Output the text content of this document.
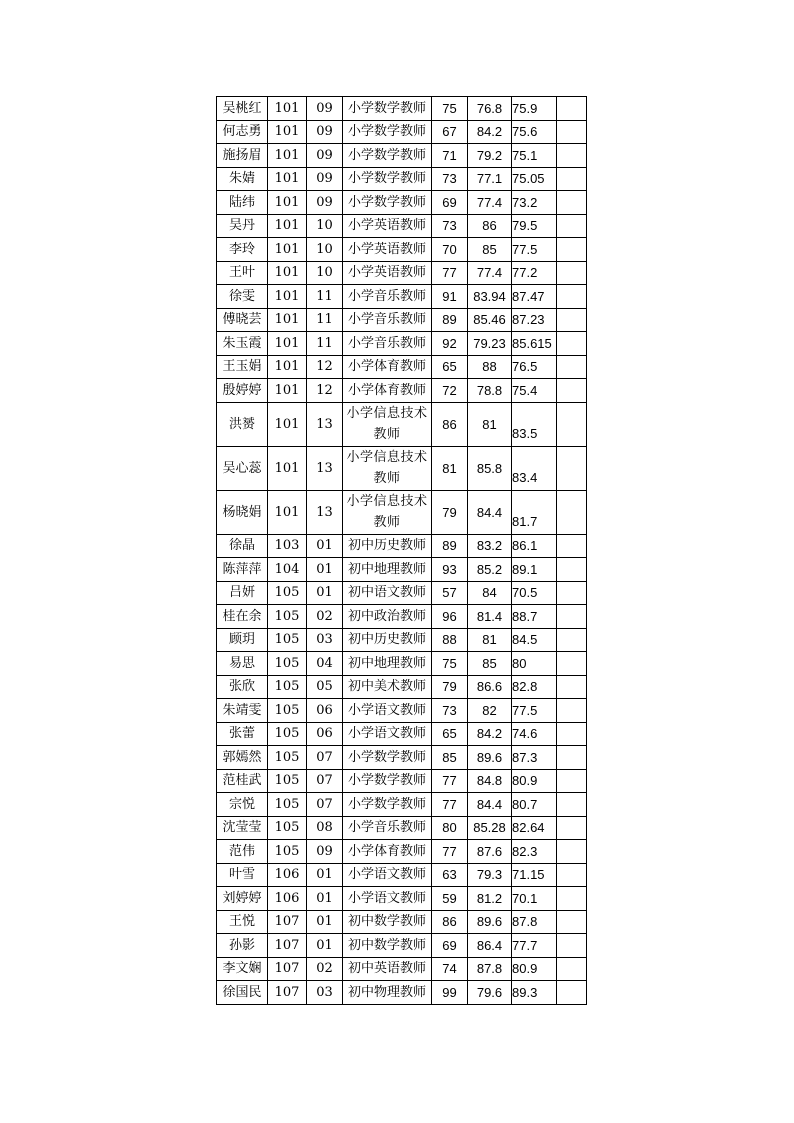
吴桃红	101	09	小学数学教师	75	76.8	75.9	
何志勇	101	09	小学数学教师	67	84.2	75.6	
施扬眉	101	09	小学数学教师	71	79.2	75.1	
朱婧	101	09	小学数学教师	73	77.1	75.05	
陆纬	101	09	小学数学教师	69	77.4	73.2	
吴丹	101	10	小学英语教师	73	86	79.5	
李玲	101	10	小学英语教师	70	85	77.5	
王叶	101	10	小学英语教师	77	77.4	77.2	
徐雯	101	11	小学音乐教师	91	83.94	87.47	
傅晓芸	101	11	小学音乐教师	89	85.46	87.23	
朱玉霞	101	11	小学音乐教师	92	79.23	85.615	
王玉娟	101	12	小学体育教师	65	88	76.5	
殷婷婷	101	12	小学体育教师	72	78.8	75.4	
洪赟	101	13	小学信息技术教师	86	81	83.5	
吴心蕊	101	13	小学信息技术教师	81	85.8	83.4	
杨晓娟	101	13	小学信息技术教师	79	84.4	81.7	
徐晶	103	01	初中历史教师	89	83.2	86.1	
陈萍萍	104	01	初中地理教师	93	85.2	89.1	
吕妍	105	01	初中语文教师	57	84	70.5	
桂在余	105	02	初中政治教师	96	81.4	88.7	
顾玥	105	03	初中历史教师	88	81	84.5	
易思	105	04	初中地理教师	75	85	80	
张欣	105	05	初中美术教师	79	86.6	82.8	
朱靖雯	105	06	小学语文教师	73	82	77.5	
张蕾	105	06	小学语文教师	65	84.2	74.6	
郭嫣然	105	07	小学数学教师	85	89.6	87.3	
范桂武	105	07	小学数学教师	77	84.8	80.9	
宗悦	105	07	小学数学教师	77	84.4	80.7	
沈莹莹	105	08	小学音乐教师	80	85.28	82.64	
范伟	105	09	小学体育教师	77	87.6	82.3	
叶雪	106	01	小学语文教师	63	79.3	71.15	
刘婷婷	106	01	小学语文教师	59	81.2	70.1	
王悦	107	01	初中数学教师	86	89.6	87.8	
孙影	107	01	初中数学教师	69	86.4	77.7	
李文娴	107	02	初中英语教师	74	87.8	80.9	
徐国民	107	03	初中物理教师	99	79.6	89.3	
